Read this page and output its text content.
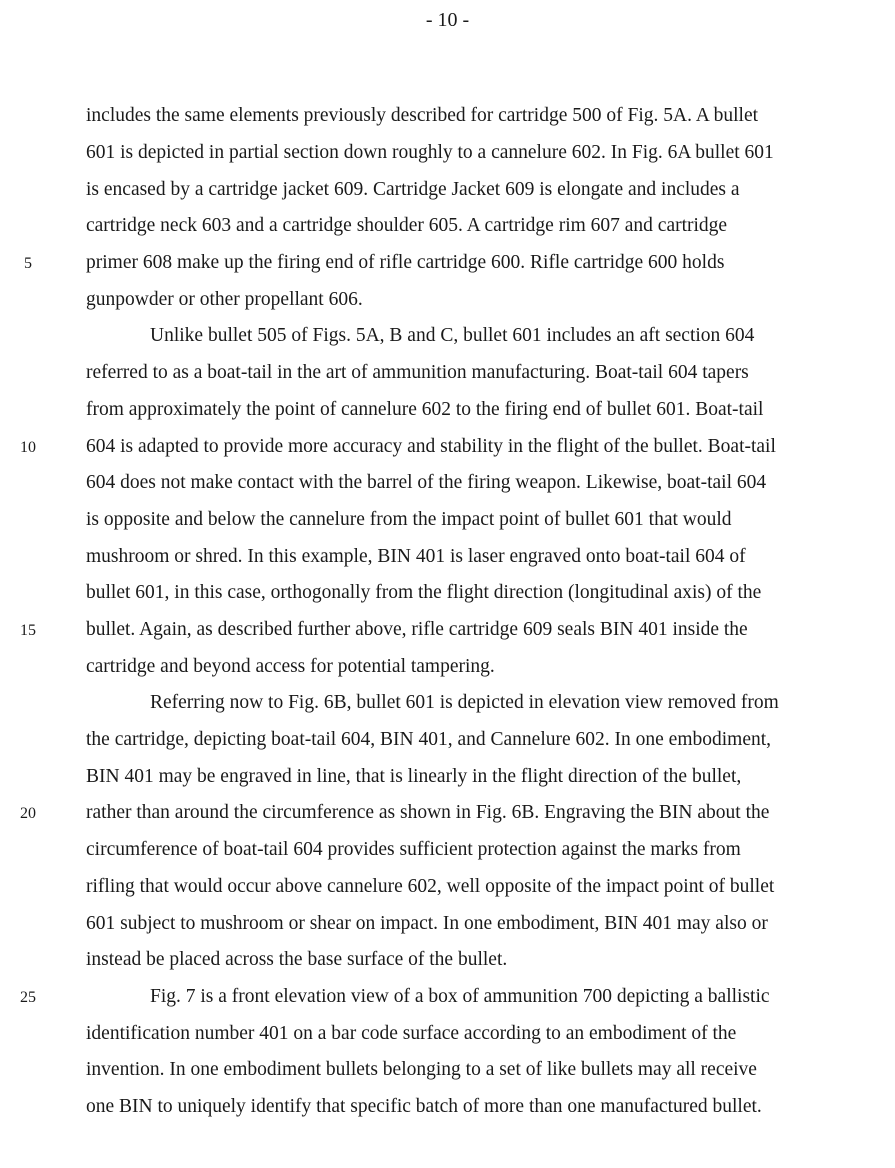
- 10 -
5
10
15
20
25
includes the same elements previously described for cartridge 500 of Fig. 5A. A bullet
601 is depicted in partial section down roughly to a cannelure 602. In Fig. 6A bullet 601
is encased by a cartridge jacket 609. Cartridge Jacket 609 is elongate and includes a
cartridge neck 603 and a cartridge shoulder 605. A cartridge rim 607 and cartridge
primer 608 make up the firing end of rifle cartridge 600. Rifle cartridge 600 holds
gunpowder or other propellant 606.
Unlike bullet 505 of Figs. 5A, B and C, bullet 601 includes an aft section 604
referred to as a boat-tail in the art of ammunition manufacturing. Boat-tail 604 tapers
from approximately the point of cannelure 602 to the firing end of bullet 601. Boat-tail
604 is adapted to provide more accuracy and stability in the flight of the bullet. Boat-tail
604 does not make contact with the barrel of the firing weapon. Likewise, boat-tail 604
is opposite and below the cannelure from the impact point of bullet 601 that would
mushroom or shred. In this example, BIN 401 is laser engraved onto boat-tail 604 of
bullet 601, in this case, orthogonally from the flight direction (longitudinal axis) of the
bullet. Again, as described further above, rifle cartridge 609 seals BIN 401 inside the
cartridge and beyond access for potential tampering.
Referring now to Fig. 6B, bullet 601 is depicted in elevation view removed from
the cartridge, depicting boat-tail 604, BIN 401, and Cannelure 602. In one embodiment,
BIN 401 may be engraved in line, that is linearly in the flight direction of the bullet,
rather than around the circumference as shown in Fig. 6B. Engraving the BIN about the
circumference of boat-tail 604 provides sufficient protection against the marks from
rifling that would occur above cannelure 602, well opposite of the impact point of bullet
601 subject to mushroom or shear on impact. In one embodiment, BIN 401 may also or
instead be placed across the base surface of the bullet.
Fig. 7 is a front elevation view of a box of ammunition 700 depicting a ballistic
identification number 401 on a bar code surface according to an embodiment of the
invention. In one embodiment bullets belonging to a set of like bullets may all receive
one BIN to uniquely identify that specific batch of more than one manufactured bullet.
